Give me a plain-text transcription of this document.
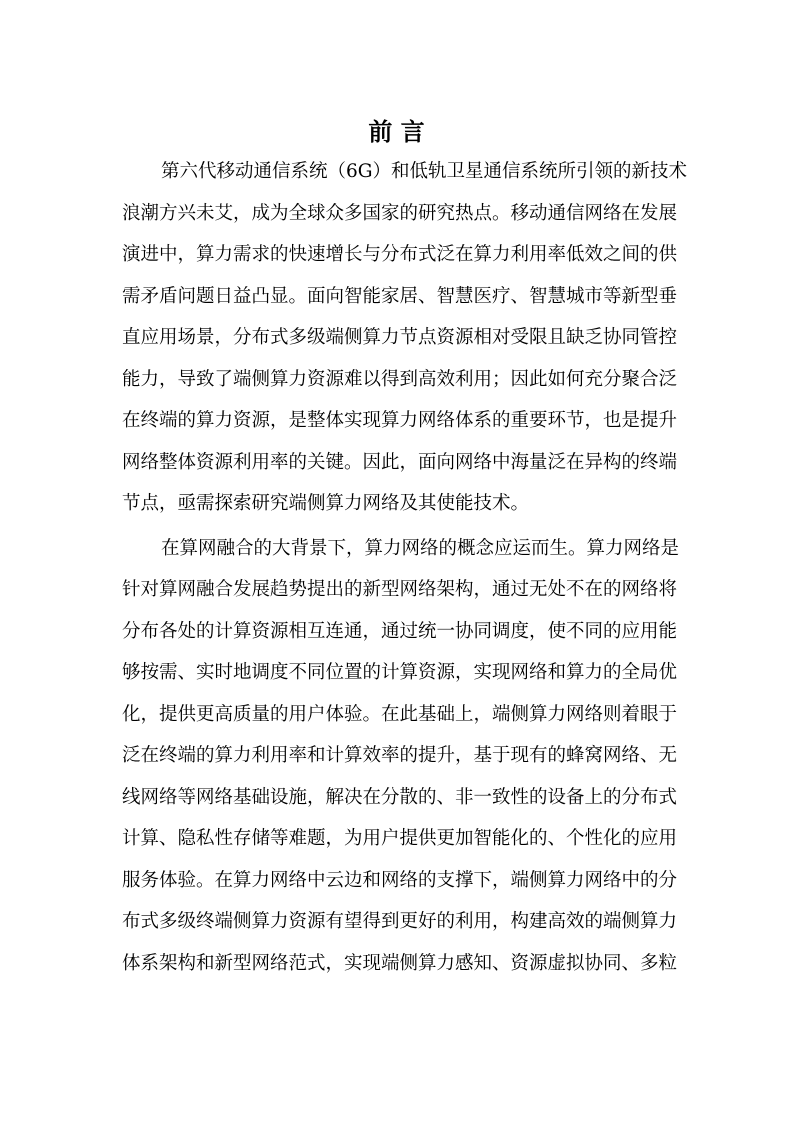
前 言
第六代移动通信系统（6G）和低轨卫星通信系统所引领的新技术
浪潮方兴未艾，成为全球众多国家的研究热点。移动通信网络在发展
演进中，算力需求的快速增长与分布式泛在算力利用率低效之间的供
需矛盾问题日益凸显。面向智能家居、智慧医疗、智慧城市等新型垂
直应用场景，分布式多级端侧算力节点资源相对受限且缺乏协同管控
能力，导致了端侧算力资源难以得到高效利用；因此如何充分聚合泛
在终端的算力资源，是整体实现算力网络体系的重要环节，也是提升
网络整体资源利用率的关键。因此，面向网络中海量泛在异构的终端
节点，亟需探索研究端侧算力网络及其使能技术。
在算网融合的大背景下，算力网络的概念应运而生。算力网络是
针对算网融合发展趋势提出的新型网络架构，通过无处不在的网络将
分布各处的计算资源相互连通，通过统一协同调度，使不同的应用能
够按需、实时地调度不同位置的计算资源，实现网络和算力的全局优
化，提供更高质量的用户体验。在此基础上，端侧算力网络则着眼于
泛在终端的算力利用率和计算效率的提升，基于现有的蜂窝网络、无
线网络等网络基础设施，解决在分散的、非一致性的设备上的分布式
计算、隐私性存储等难题，为用户提供更加智能化的、个性化的应用
服务体验。在算力网络中云边和网络的支撑下，端侧算力网络中的分
布式多级终端侧算力资源有望得到更好的利用，构建高效的端侧算力
体系架构和新型网络范式，实现端侧算力感知、资源虚拟协同、多粒
